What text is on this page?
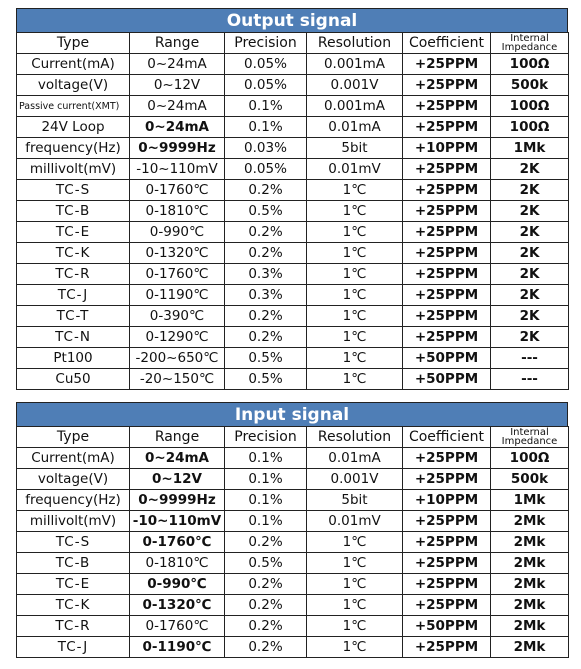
Output signal
Type	Range	Precision	Resolution	Coefficient	Internal Impedance
Current(mA)	0~24mA	0.05%	0.001mA	+25PPM	100Ω
voltage(V)	0~12V	0.05%	0.001V	+25PPM	500k
Passive current(XMT)	0~24mA	0.1%	0.001mA	+25PPM	100Ω
24V Loop	0~24mA	0.1%	0.01mA	+25PPM	100Ω
frequency(Hz)	0~9999Hz	0.03%	5bit	+10PPM	1Mk
millivolt(mV)	-10~110mV	0.05%	0.01mV	+25PPM	2K
TC-S	0-1760℃	0.2%	1℃	+25PPM	2K
TC-B	0-1810℃	0.5%	1℃	+25PPM	2K
TC-E	0-990℃	0.2%	1℃	+25PPM	2K
TC-K	0-1320℃	0.2%	1℃	+25PPM	2K
TC-R	0-1760℃	0.3%	1℃	+25PPM	2K
TC-J	0-1190℃	0.3%	1℃	+25PPM	2K
TC-T	0-390℃	0.2%	1℃	+25PPM	2K
TC-N	0-1290℃	0.2%	1℃	+25PPM	2K
Pt100	-200~650℃	0.5%	1℃	+50PPM	---
Cu50	-20~150℃	0.5%	1℃	+50PPM	---
Input signal
Type	Range	Precision	Resolution	Coefficient	Internal Impedance
Current(mA)	0~24mA	0.1%	0.01mA	+25PPM	100Ω
voltage(V)	0~12V	0.1%	0.001V	+25PPM	500k
frequency(Hz)	0~9999Hz	0.1%	5bit	+10PPM	1Mk
millivolt(mV)	-10~110mV	0.1%	0.01mV	+25PPM	2Mk
TC-S	0-1760℃	0.2%	1℃	+25PPM	2Mk
TC-B	0-1810℃	0.5%	1℃	+25PPM	2Mk
TC-E	0-990℃	0.2%	1℃	+25PPM	2Mk
TC-K	0-1320℃	0.2%	1℃	+25PPM	2Mk
TC-R	0-1760℃	0.2%	1℃	+50PPM	2Mk
TC-J	0-1190℃	0.2%	1℃	+25PPM	2Mk
